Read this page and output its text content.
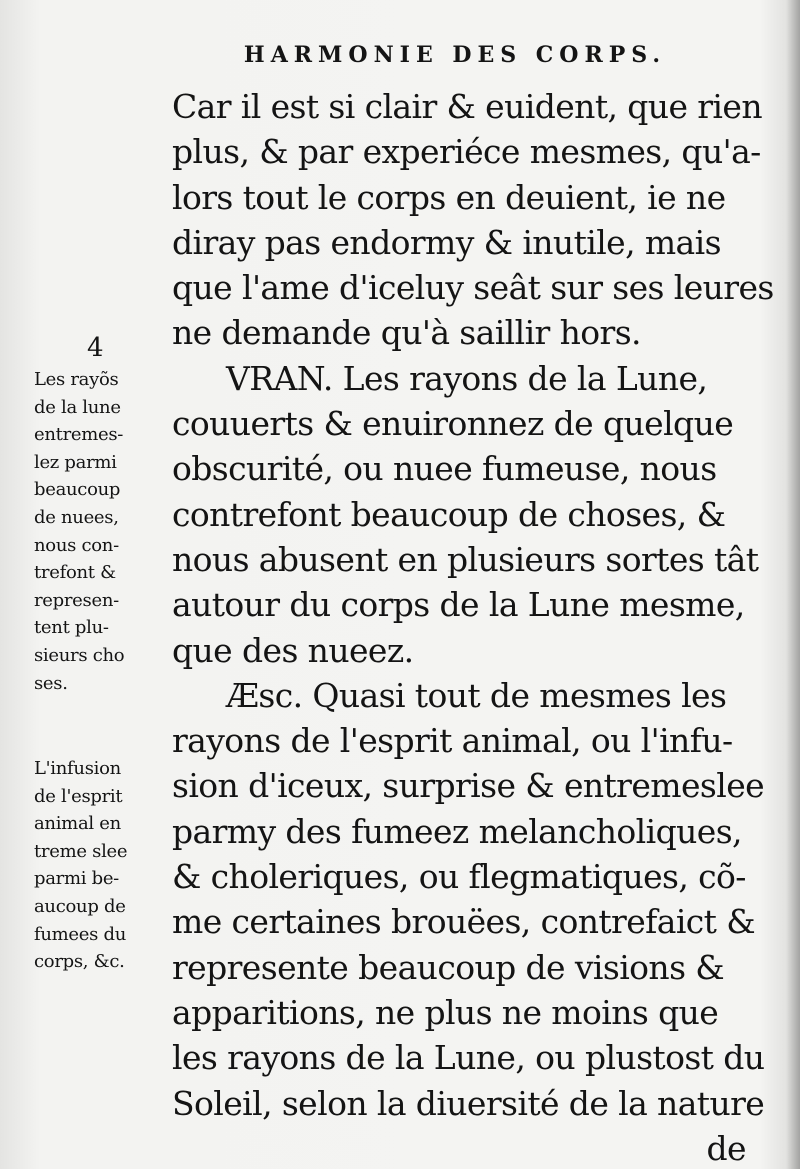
HARMONIE DES CORPS.
4
Les rayõs
de la lune
entremes-
lez parmi
beaucoup
de nuees,
nous con-
trefont &
represen-
tent plu-
sieurs cho
ses.
L'infusion
de l'esprit
animal en
treme slee
parmi be-
aucoup de
fumees du
corps, &c.
Car il est si clair & euident, que rien
plus, & par experiéce mesmes, qu'a-
lors tout le corps en deuient, ie ne
diray pas endormy & inutile, mais
que l'ame d'iceluy seât sur ses leures
ne demande qu'à saillir hors.
VRAN. Les rayons de la Lune,
couuerts & enuironnez de quelque
obscurité, ou nuee fumeuse, nous
contrefont beaucoup de choses, &
nous abusent en plusieurs sortes tât
autour du corps de la Lune mesme,
que des nueez.
Æsc. Quasi tout de mesmes les
rayons de l'esprit animal, ou l'infu-
sion d'iceux, surprise & entremeslee
parmy des fumeez melancholiques,
& choleriques, ou flegmatiques, cõ-
me certaines brouëes, contrefaict &
represente beaucoup de visions &
apparitions, ne plus ne moins que
les rayons de la Lune, ou plustost du
Soleil, selon la diuersité de la nature
de
